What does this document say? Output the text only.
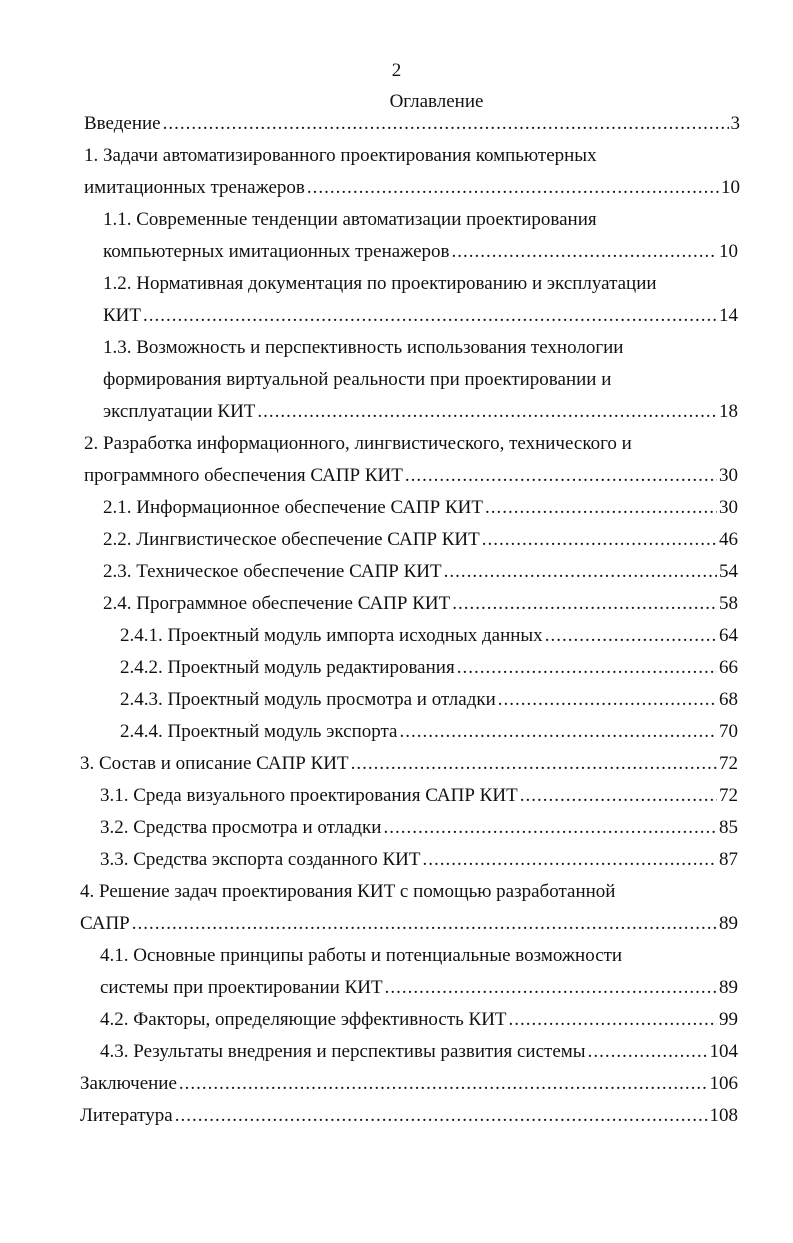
2
Оглавление
Введение .....	3
1. Задачи автоматизированного проектирования компьютерных
имитационных тренажеров .....	10
1.1. Современные тенденции автоматизации проектирования
компьютерных имитационных тренажеров .....	10
1.2. Нормативная документация по проектированию и эксплуатации
КИТ .....	14
1.3. Возможность и перспективность использования технологии
формирования виртуальной реальности при проектировании и
эксплуатации КИТ .....	18
2. Разработка информационного, лингвистического, технического и
программного обеспечения САПР КИТ .....	30
2.1. Информационное обеспечение САПР КИТ .....	30
2.2. Лингвистическое обеспечение САПР КИТ .....	46
2.3. Техническое обеспечение САПР КИТ .....	54
2.4. Программное обеспечение САПР КИТ .....	58
2.4.1. Проектный модуль импорта исходных данных .....	64
2.4.2. Проектный модуль редактирования .....	66
2.4.3. Проектный модуль просмотра и отладки .....	68
2.4.4. Проектный модуль экспорта .....	70
3. Состав и описание САПР КИТ .....	72
3.1. Среда визуального проектирования САПР КИТ .....	72
3.2. Средства просмотра и отладки .....	85
3.3. Средства экспорта созданного КИТ .....	87
4. Решение задач проектирования КИТ с помощью разработанной
САПР .....	89
4.1. Основные принципы работы и потенциальные возможности
системы при проектировании КИТ .....	89
4.2. Факторы, определяющие эффективность КИТ .....	99
4.3. Результаты внедрения и перспективы развития системы .....	104
Заключение .....	106
Литература .....	108
